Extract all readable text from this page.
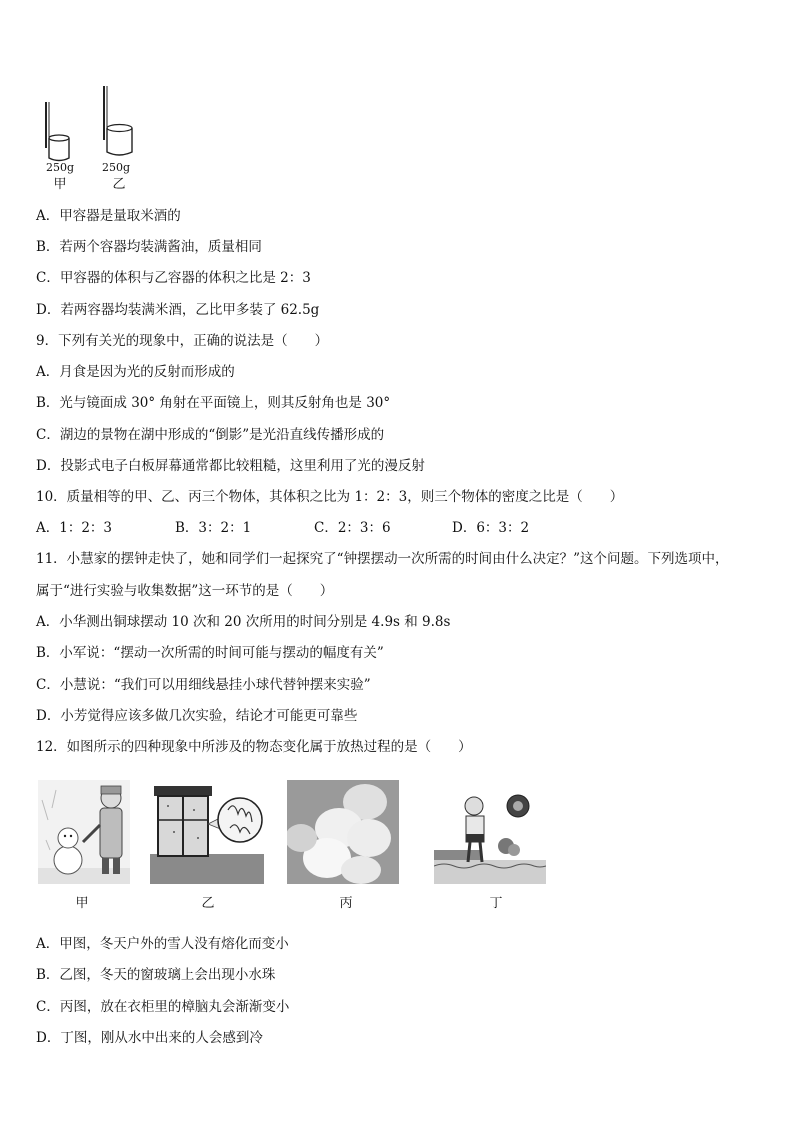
250g	250g
甲	乙
A．甲容器是量取米酒的
B．若两个容器均装满酱油，质量相同
C．甲容器的体积与乙容器的体积之比是 2：3
D．若两容器均装满米酒，乙比甲多装了 62.5g
9．下列有关光的现象中，正确的说法是（　　）
A．月食是因为光的反射而形成的
B．光与镜面成 30° 角射在平面镜上，则其反射角也是 30°
C．湖边的景物在湖中形成的“倒影”是光沿直线传播形成的
D．投影式电子白板屏幕通常都比较粗糙，这里利用了光的漫反射
10．质量相等的甲、乙、丙三个物体，其体积之比为 1：2：3，则三个物体的密度之比是（　　）
A．1：2：3	B．3：2：1	C．2：3：6	D．6：3：2
11．小慧家的摆钟走快了，她和同学们一起探究了“钟摆摆动一次所需的时间由什么决定？”这个问题。下列选项中，
属于“进行实验与收集数据”这一环节的是（　　）
A．小华测出铜球摆动 10 次和 20 次所用的时间分别是 4.9s 和 9.8s
B．小军说：“摆动一次所需的时间可能与摆动的幅度有关”
C．小慧说：“我们可以用细线悬挂小球代替钟摆来实验”
D．小芳觉得应该多做几次实验，结论才可能更可靠些
12．如图所示的四种现象中所涉及的物态变化属于放热过程的是（　　）
甲	乙	丙	丁
A．甲图，冬天户外的雪人没有熔化而变小
B．乙图，冬天的窗玻璃上会出现小水珠
C．丙图，放在衣柜里的樟脑丸会渐渐变小
D．丁图，刚从水中出来的人会感到冷
